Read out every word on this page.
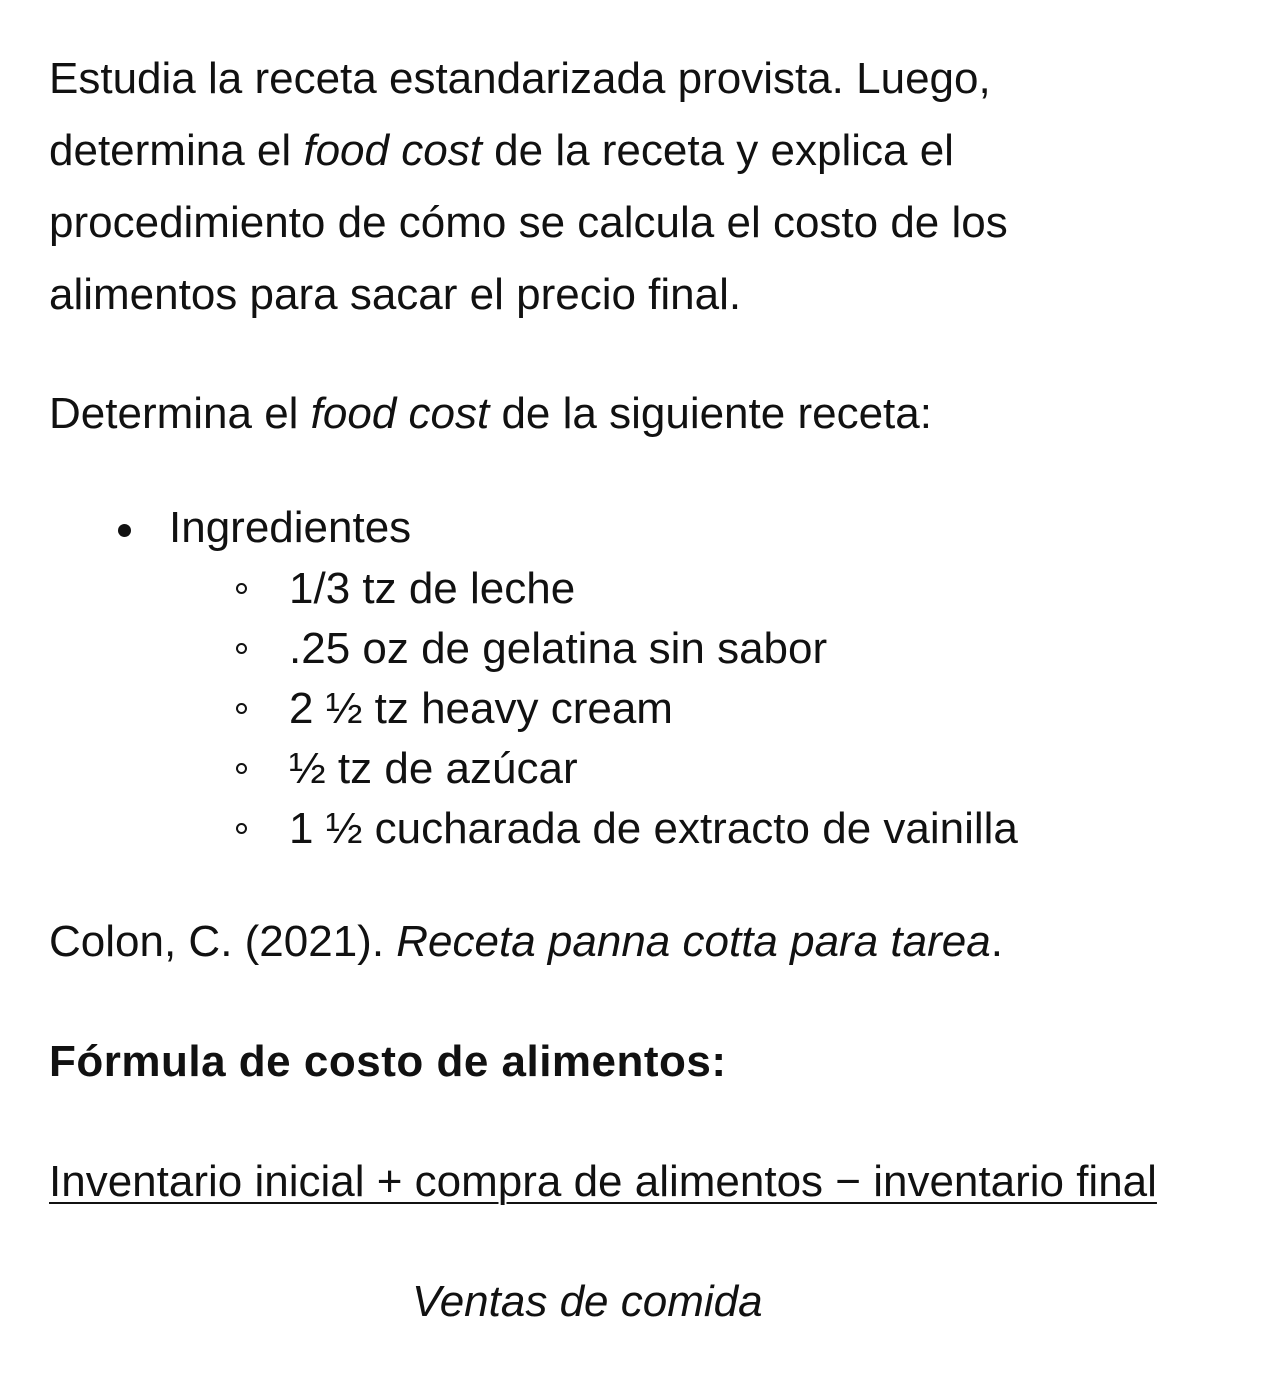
Estudia la receta estandarizada provista. Luego, determina el food cost de la receta y explica el procedimiento de cómo se calcula el costo de los alimentos para sacar el precio final.

Determina el food cost de la siguiente receta:

Ingredientes
1/3 tz de leche
.25 oz de gelatina sin sabor
2 ½ tz heavy cream
½ tz de azúcar
1 ½ cucharada de extracto de vainilla

Colon, C. (2021). Receta panna cotta para tarea.

Fórmula de costo de alimentos:

Inventario inicial + compra de alimentos − inventario final

Ventas de comida
